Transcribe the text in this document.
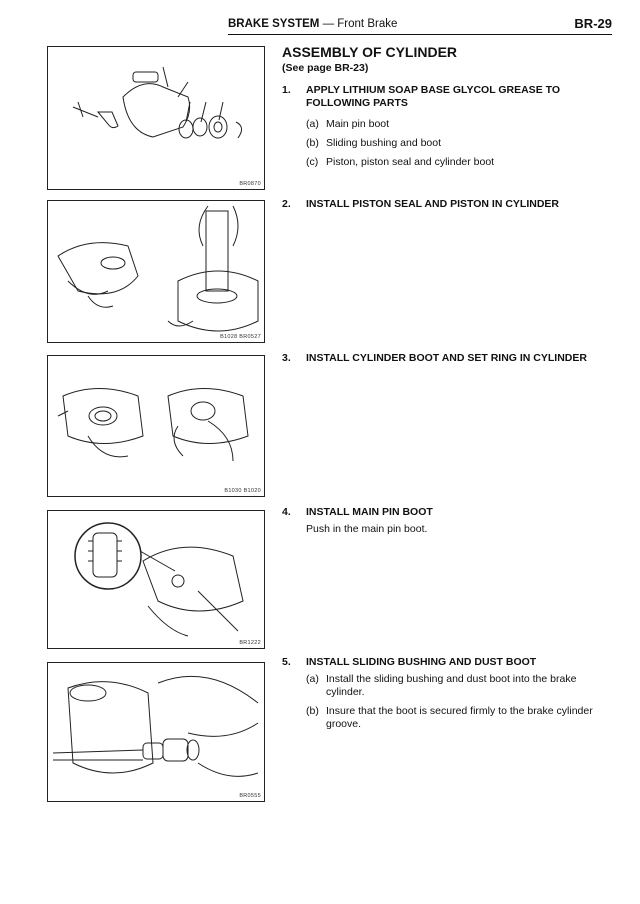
BRAKE SYSTEM — Front Brake	BR-29
BR0870
B1028 BR0527
B1030 B1020
BR1222
BR0555
ASSEMBLY OF CYLINDER
(See page BR-23)
1. APPLY LITHIUM SOAP BASE GLYCOL GREASE TO FOLLOWING PARTS
(a) Main pin boot
(b) Sliding bushing and boot
(c) Piston, piston seal and cylinder boot
2. INSTALL PISTON SEAL AND PISTON IN CYLINDER
3. INSTALL CYLINDER BOOT AND SET RING IN CYLINDER
4. INSTALL MAIN PIN BOOT
Push in the main pin boot.
5. INSTALL SLIDING BUSHING AND DUST BOOT
(a) Install the sliding bushing and dust boot into the brake cylinder.
(b) Insure that the boot is secured firmly to the brake cylinder groove.
